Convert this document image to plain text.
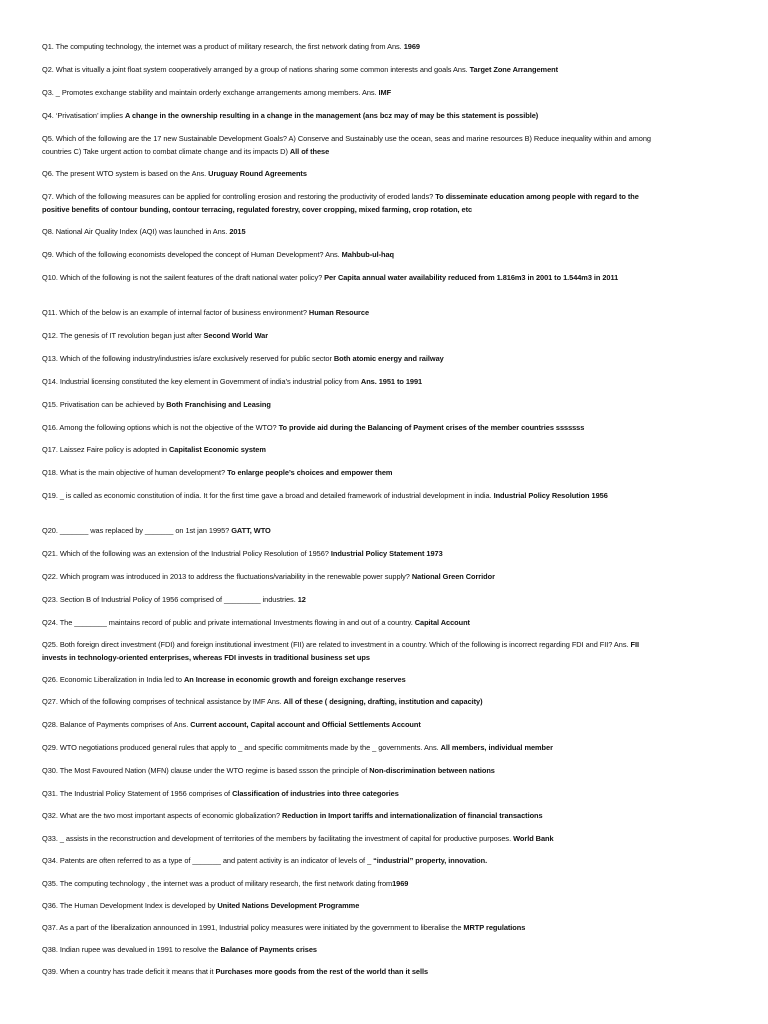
Q1. The computing technology, the internet was a product of military research, the first network dating from Ans. 1969
Q2. What is vitually a joint float system cooperatively arranged by a group of nations sharing some common interests and goals Ans. Target Zone Arrangement
Q3. _ Promotes exchange stability and maintain orderly exchange arrangements among members. Ans. IMF
Q4. ‘Privatisation’ implies A change in the ownership resulting in a change in the management (ans bcz may of may be this statement is possible)
Q5. Which of the following are the 17 new Sustainable Development Goals? A) Conserve and Sustainably use the ocean, seas and marine resources B) Reduce inequality within and among countries C) Take urgent action to combat climate change and its impacts D) All of these
Q6. The present WTO system is based on the Ans. Uruguay Round Agreements
Q7. Which of the following measures can be applied for controlling erosion and restoring the productivity of eroded lands? To disseminate education among people with regard to the positive benefits of contour bunding, contour terracing, regulated forestry, cover cropping, mixed farming, crop rotation, etc
Q8. National Air Quality Index (AQI) was launched in Ans. 2015
Q9. Which of the following economists developed the concept of Human Development? Ans. Mahbub-ul-haq
Q10. Which of the following is not the sailent features of the draft national water policy? Per Capita annual water availability reduced from 1.816m3 in 2001 to 1.544m3 in 2011
Q11. Which of the below is an example of internal factor of business environment? Human Resource
Q12. The genesis of IT revolution began just after Second World War
Q13. Which of the following industry/industries is/are exclusively reserved for public sector Both atomic energy and railway
Q14. Industrial licensing constituted the key element in Government of india’s industrial policy from Ans. 1951 to 1991
Q15. Privatisation can be achieved by Both Franchising and Leasing
Q16. Among the following options which is not the objective of the WTO? To provide aid during the Balancing of Payment crises of the member countries sssssss
Q17. Laissez Faire policy is adopted in Capitalist Economic system
Q18. What is the main objective of human development? To enlarge people’s choices and empower them
Q19. _ is called as economic constitution of india. It for the first time gave a broad and detailed framework of industrial development in india. Industrial Policy Resolution 1956
Q20. _______ was replaced by _______ on 1st jan 1995? GATT, WTO
Q21. Which of the following was an extension of the Industrial Policy Resolution of 1956? Industrial Policy Statement 1973
Q22. Which program was introduced in 2013 to address the fluctuations/variability in the renewable power supply? National Green Corridor
Q23. Section B of Industrial Policy of 1956 comprised of _________ industries. 12
Q24. The ________ maintains record of public and private international Investments flowing in and out of a country. Capital Account
Q25. Both foreign direct investment (FDI) and foreign institutional investment (FII) are related to investment in a country. Which of the following is incorrect regarding FDI and FII? Ans. FII invests in technology-oriented enterprises, whereas FDI invests in traditional business set ups
Q26. Economic Liberalization in India led to An Increase in economic growth and foreign exchange reserves
Q27. Which of the following comprises of technical assistance by IMF Ans. All of these ( designing, drafting, institution and capacity)
Q28. Balance of Payments comprises of Ans. Current account, Capital account and Official Settlements Account
Q29. WTO negotiations produced general rules that apply to _ and specific commitments made by the _ governments. Ans. All members, individual member
Q30. The Most Favoured Nation (MFN) clause under the WTO regime is based ssson the principle of Non-discrimination between nations
Q31. The Industrial Policy Statement of 1956 comprises of Classification of industries into three categories
Q32. What are the two most important aspects of economic globalization? Reduction in Import tariffs and internationalization of financial transactions
Q33. _ assists in the reconstruction and development of territories of the members by facilitating the investment of capital for productive purposes. World Bank
Q34. Patents are often referred to as a type of _______ and patent activity is an indicator of levels of _ “industrial” property, innovation.
Q35. The computing technology , the internet was a product of military research, the first network dating from1969
Q36. The Human Development Index is developed by United Nations Development Programme
Q37. As a part of the liberalization announced in 1991, Industrial policy measures were initiated by the government to liberalise the MRTP regulations
Q38. Indian rupee was devalued in 1991 to resolve the Balance of Payments crises
Q39. When a country has trade deficit it means that it Purchases more goods from the rest of the world than it sells
